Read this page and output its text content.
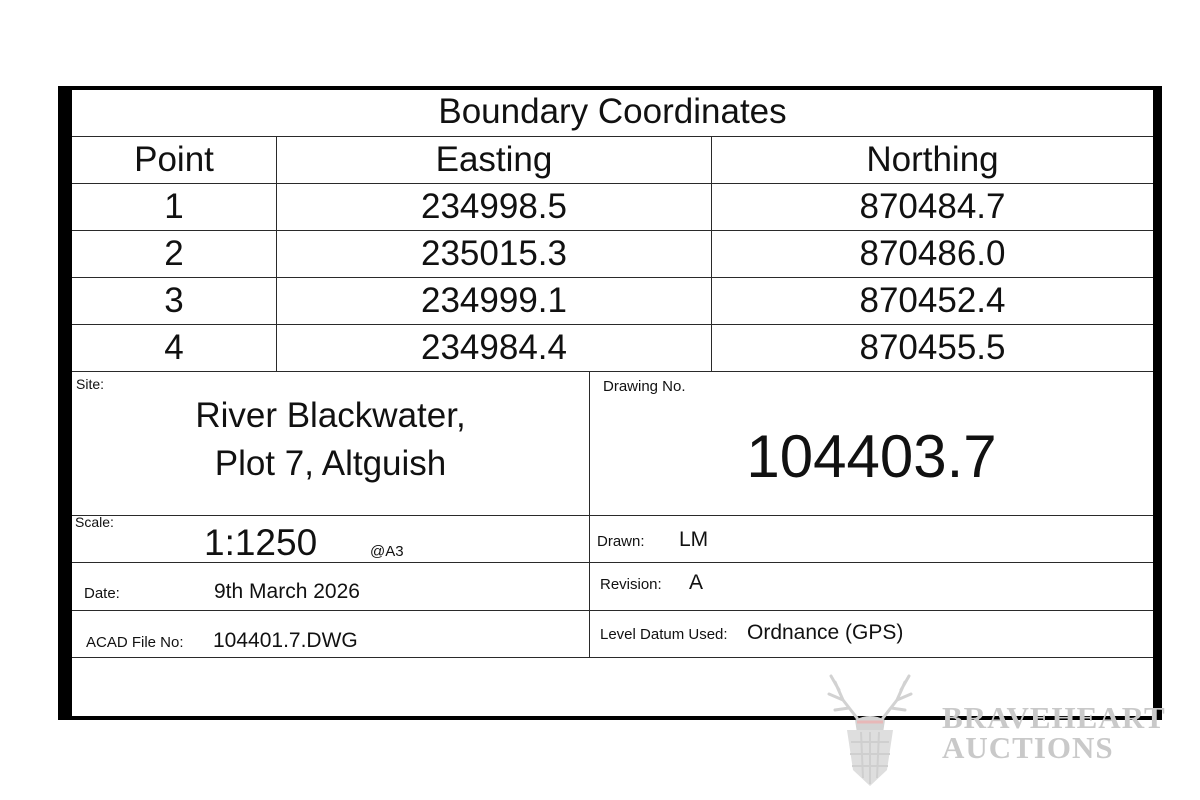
Boundary Coordinates
Point	Easting	Northing
1	234998.5	870484.7
2	235015.3	870486.0
3	234999.1	870452.4
4	234984.4	870455.5
Site:
River Blackwater,
Plot 7, Altguish
Drawing No.
104403.7
Scale: 1:1250	@A3
Drawn: LM
Date:	9th March 2026	Revision: A
ACAD File No: 104401.7.DWG	Level Datum Used: Ordnance (GPS)
BRAVEHEART
AUCTIONS
